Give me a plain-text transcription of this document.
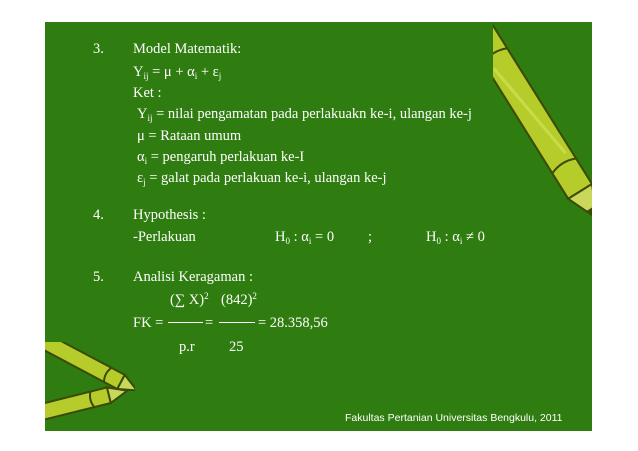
3. Model Matematik:
$Y_{ij} = \mu + \alpha_i + \varepsilon_j$
Ket :
$Y_{ij}$ = nilai pengamatan pada perlakuakn ke-i, ulangan ke-j
μ = Rataan umum
$\alpha_i$ = pengaruh perlakuan ke-I
$\varepsilon_j$ = galat pada perlakuan ke-i, ulangan ke-j
4. Hypothesis :
-Perlakuan	$H_0$ : $\alpha_i = 0$ ;	$H_0$ : $\alpha_i \ne 0$
5. Analisi Keragaman :
(∑ X)$^2$ $(842)^2$
FK =	=	= 28.358,56
p.r 25
Fakultas Pertanian Universitas Bengkulu, 2011
